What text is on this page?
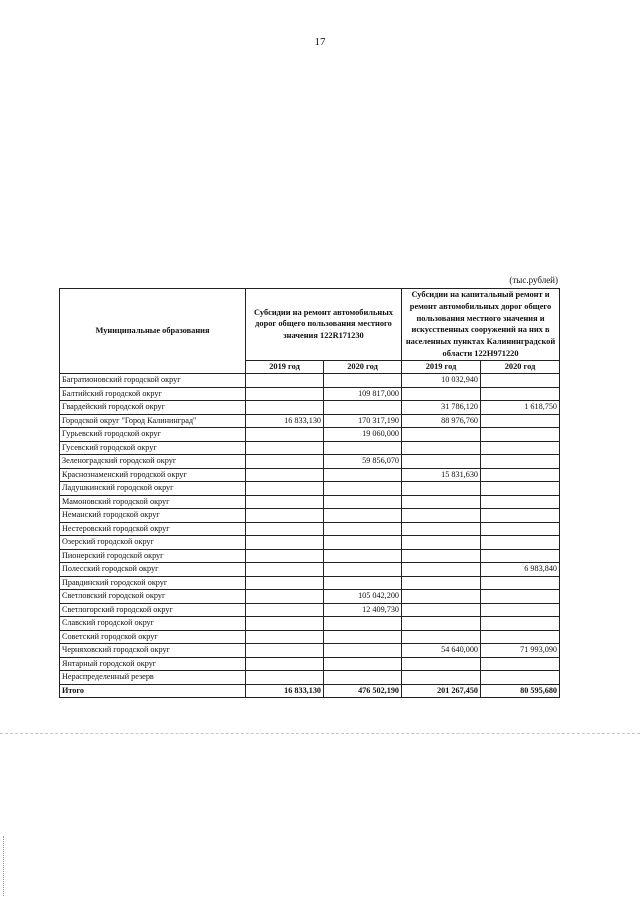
17
(тыс.рублей)
Муниципальные образования	Субсидии на ремонт автомобильных дорог общего пользования местного значения 122R171230		Субсидии на капитальный ремонт и ремонт автомобильных дорог общего пользования местного значения и искусственных сооружений на них в населенных пунктах Калининградской области 122Н971220	
	2019 год	2020 год	2019 год	2020 год
Багратионовский городской округ			10 032,940	
Балтийский городской округ		109 817,000		
Гвардейский городской округ			31 786,120	1 618,750
Городской округ "Город Калининград"	16 833,130	170 317,190	88 976,760	
Гурьевский городской округ		19 060,000		
Гусевский городской округ				
Зеленоградский городской округ		59 856,070		
Краснознаменский городской округ			15 831,630	
Ладушкинский городской округ				
Мамоновский городской округ				
Неманский городской округ				
Нестеровский городской округ				
Озерский городской округ				
Пионерский городской округ				
Полесский городской округ				6 983,840
Правдинский городской округ				
Светловский городской округ		105 042,200		
Светлогорский городской округ		12 409,730		
Славский городской округ				
Советский городской округ				
Черняховский городской округ			54 640,000	71 993,090
Янтарный городской округ				
Нераспределенный резерв				
Итого	16 833,130	476 502,190	201 267,450	80 595,680
